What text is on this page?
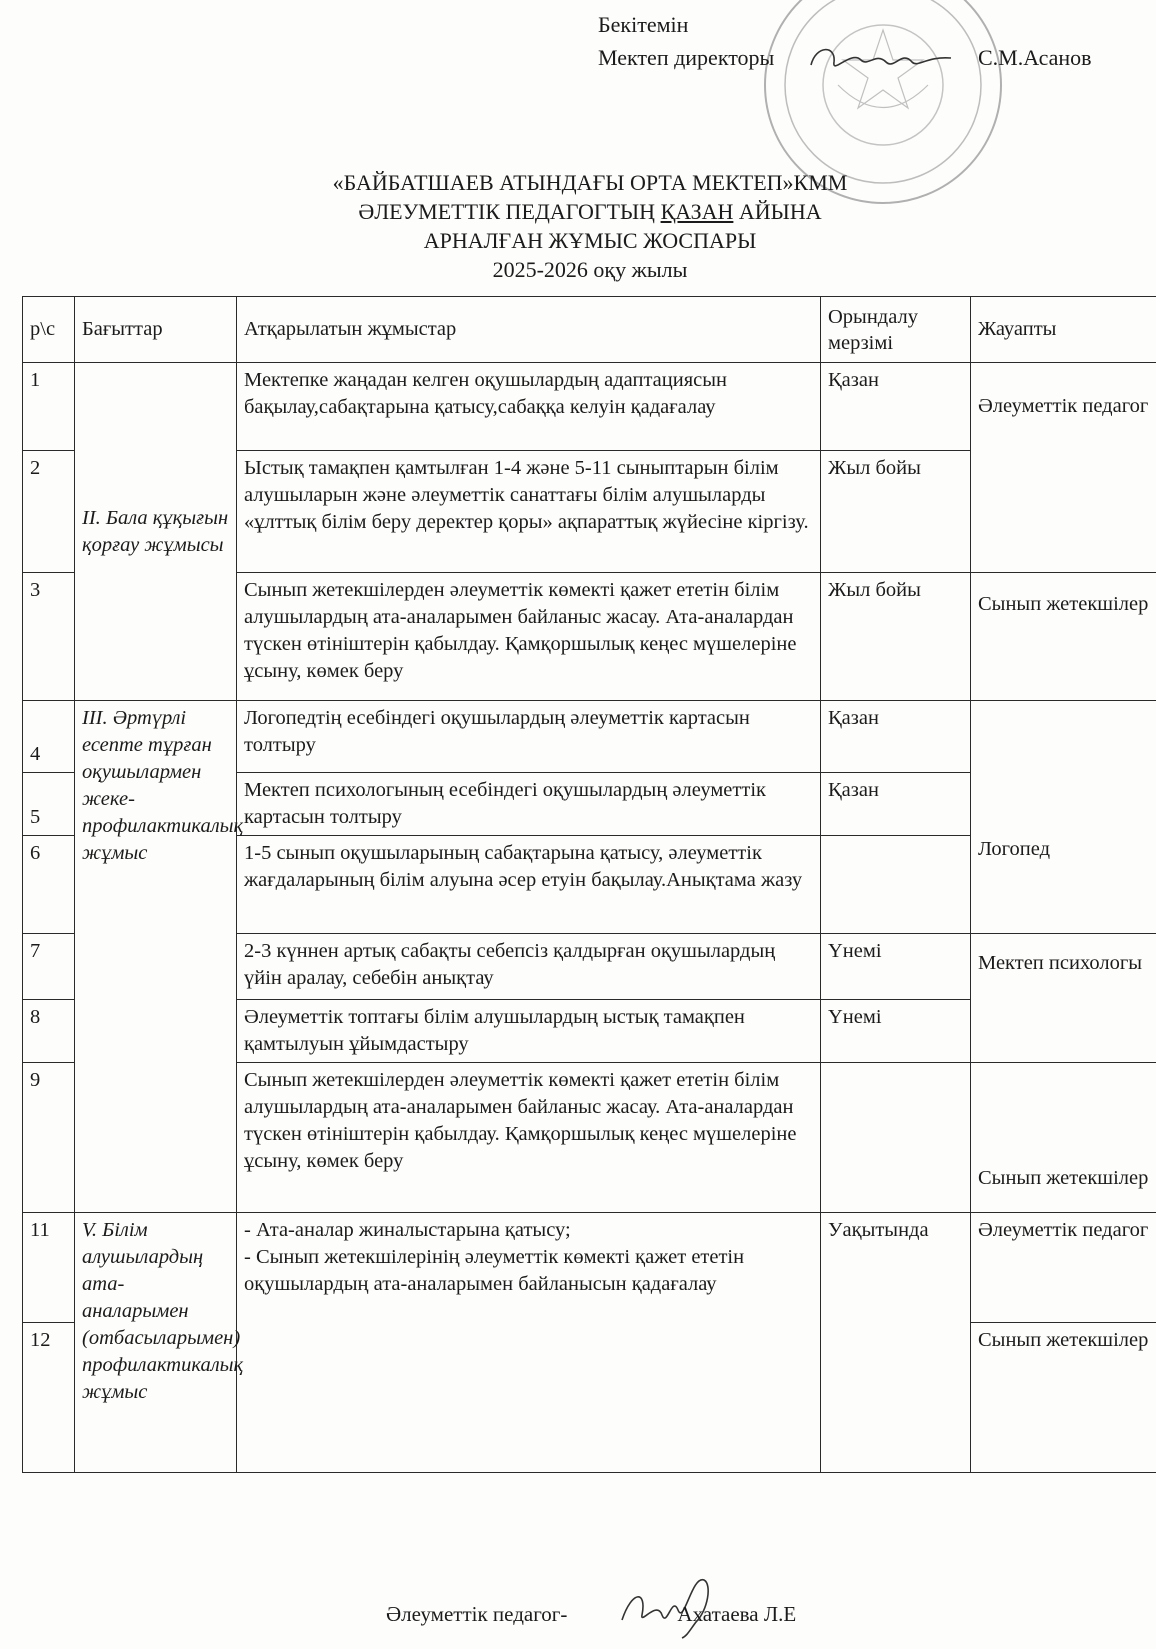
Бекітемін
Мектеп директоры	С.М.Асанов
«БАЙБАТШАЕВ АТЫНДАҒЫ ОРТА МЕКТЕП»КММ
ӘЛЕУМЕТТІК ПЕДАГОГТЫҢ ҚАЗАН АЙЫНА
АРНАЛҒАН ЖҰМЫС ЖОСПАРЫ
2025-2026 оқу жылы
р\с	Бағыттар	Атқарылатын жұмыстар	Орындалу мерзімі	Жауапты
1	II. Бала құқығын қорғау жұмысы	Мектепке жаңадан келген оқушылардың адаптациясын бақылау,сабақтарына қатысу,сабаққа келуін қадағалау	Қазан	Әлеуметтік педагог
2		Ыстық тамақпен қамтылған 1-4 және 5-11 сыныптарын білім алушыларын және әлеуметтік санаттағы білім алушыларды «ұлттық білім беру деректер қоры» ақпараттық жүйесіне кіргізу.	Жыл бойы	
3		Сынып жетекшілерден әлеуметтік көмекті қажет ететін білім алушылардың ата-аналарымен байланыс жасау. Ата-аналардан түскен өтініштерін қабылдау. Қамқоршылық кеңес мүшелеріне ұсыну, көмек беру	Жыл бойы	Сынып жетекшілер
4	III. Әртүрлі есепте тұрған оқушылармен жеке-профилактикалық жұмыс	Логопедтің есебіндегі оқушылардың әлеуметтік картасын толтыру	Қазан	Логопед
5		Мектеп психологының есебіндегі оқушылардың әлеуметтік картасын толтыру	Қазан	
6		1-5 сынып оқушыларының сабақтарына қатысу, әлеуметтік жағдаларының білім алуына әсер етуін бақылау.Анықтама жазу		
7		2-3 күннен артық сабақты себепсіз қалдырған оқушылардың үйін аралау, себебін анықтау	Үнемі	Мектеп психологы
8		Әлеуметтік топтағы білім алушылардың ыстық тамақпен қамтылуын ұйымдастыру	Үнемі	
9		Сынып жетекшілерден әлеуметтік көмекті қажет ететін білім алушылардың ата-аналарымен байланыс жасау. Ата-аналардан түскен өтініштерін қабылдау. Қамқоршылық кеңес мүшелеріне ұсыну, көмек беру		Сынып жетекшілер
11	V. Білім алушылардың ата-аналарымен (отбасыларымен) профилактикалық жұмыс	- Ата-аналар жиналыстарына қатысу;
- Сынып жетекшілерінің әлеуметтік көмекті қажет ететін оқушылардың ата-аналарымен байланысын қадағалау	Уақытында	Әлеуметтік педагог
12				Сынып жетекшілер
Әлеуметтік педагог-	Ахатаева Л.Е
